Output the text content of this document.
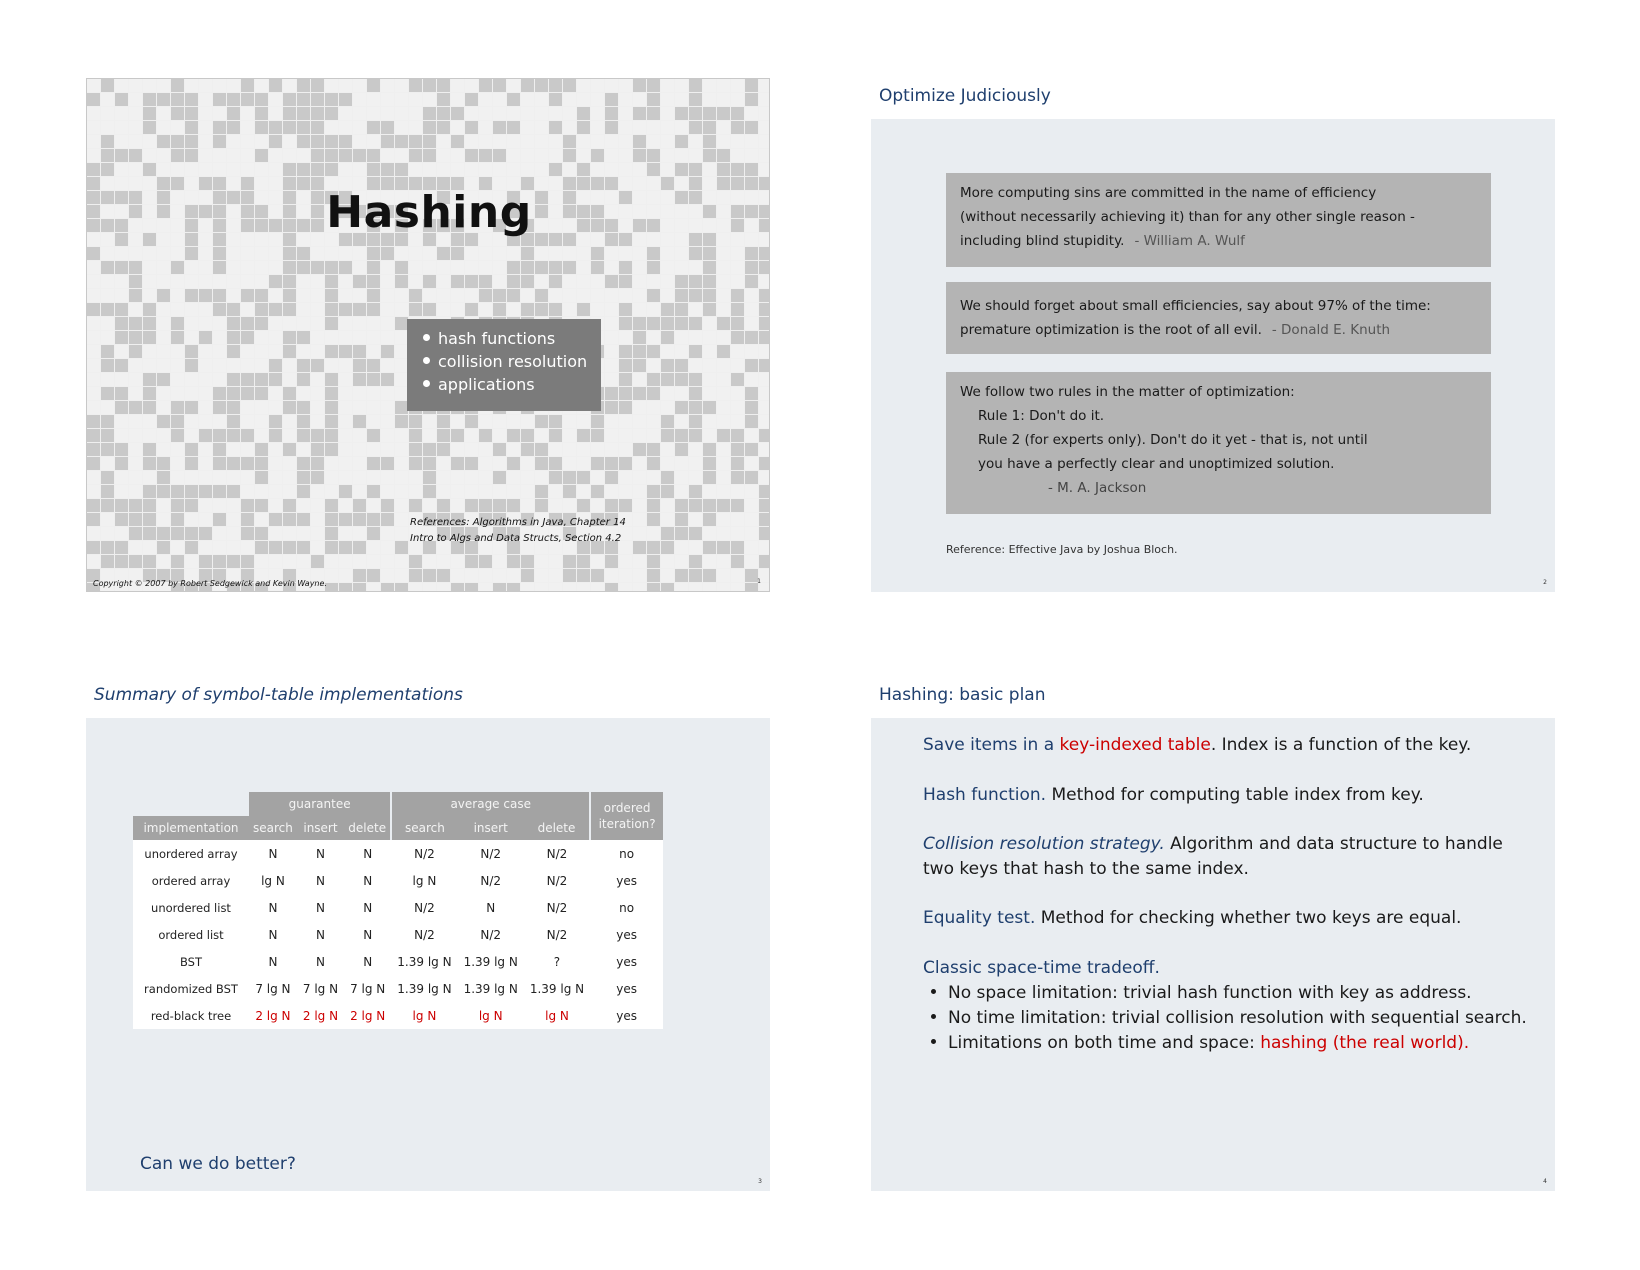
Hashing
hash functions
collision resolution
applications
References: Algorithms in Java, Chapter 14
Intro to Algs and Data Structs, Section 4.2
Copyright © 2007 by Robert Sedgewick and Kevin Wayne.	1
Optimize Judiciously
More computing sins are committed in the name of efficiency
(without necessarily achieving it) than for any other single reason -
including blind stupidity. - William A. Wulf
We should forget about small efficiencies, say about 97% of the time:
premature optimization is the root of all evil. - Donald E. Knuth
We follow two rules in the matter of optimization:
Rule 1: Don't do it.
Rule 2 (for experts only). Don't do it yet - that is, not until
you have a perfectly clear and unoptimized solution.
- M. A. Jackson
Reference: Effective Java by Joshua Bloch.
2
Summary of symbol-table implementations
	guarantee			average case			ordered iteration?
implementation	search	insert	delete	search	insert	delete	
unordered array	N	N	N	N/2	N/2	N/2	no
ordered array	lg N	N	N	lg N	N/2	N/2	yes
unordered list	N	N	N	N/2	N	N/2	no
ordered list	N	N	N	N/2	N/2	N/2	yes
BST	N	N	N	1.39 lg N	1.39 lg N	?	yes
randomized BST	7 lg N	7 lg N	7 lg N	1.39 lg N	1.39 lg N	1.39 lg N	yes
red-black tree	2 lg N	2 lg N	2 lg N	lg N	lg N	lg N	yes
Can we do better?
3
Hashing: basic plan
Save items in a key-indexed table. Index is a function of the key.
Hash function. Method for computing table index from key.
Collision resolution strategy. Algorithm and data structure to handle
two keys that hash to the same index.
Equality test. Method for checking whether two keys are equal.
Classic space-time tradeoff.
No space limitation: trivial hash function with key as address.
No time limitation: trivial collision resolution with sequential search.
Limitations on both time and space: hashing (the real world).
4
